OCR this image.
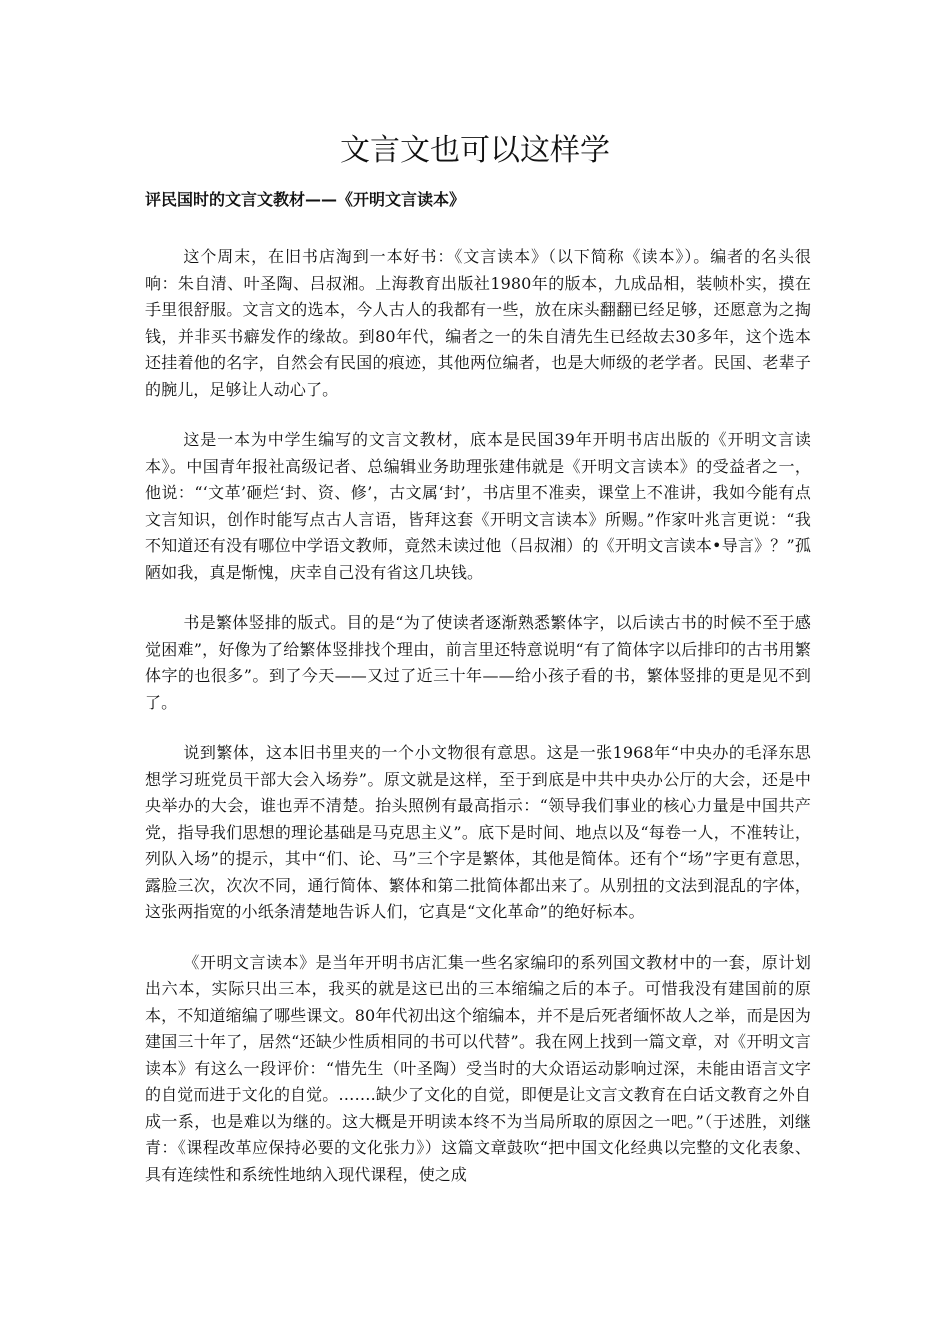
文言文也可以这样学
评民国时的文言文教材——《开明文言读本》

这个周末，在旧书店淘到一本好书：《文言读本》（以下简称《读本》）。编者的名头很响：朱自清、叶圣陶、吕叔湘。上海教育出版社1980年的版本，九成品相，装帧朴实，摸在手里很舒服。文言文的选本，今人古人的我都有一些，放在床头翻翻已经足够，还愿意为之掏钱，并非买书癖发作的缘故。到80年代，编者之一的朱自清先生已经故去30多年，这个选本还挂着他的名字，自然会有民国的痕迹，其他两位编者，也是大师级的老学者。民国、老辈子的腕儿，足够让人动心了。

这是一本为中学生编写的文言文教材，底本是民国39年开明书店出版的《开明文言读本》。中国青年报社高级记者、总编辑业务助理张建伟就是《开明文言读本》的受益者之一，他说：“‘文革’砸烂‘封、资、修’，古文属‘封’，书店里不准卖，课堂上不准讲，我如今能有点文言知识，创作时能写点古人言语，皆拜这套《开明文言读本》所赐。”作家叶兆言更说：“我不知道还有没有哪位中学语文教师，竟然未读过他（吕叔湘）的《开明文言读本•导言》？”孤陋如我，真是惭愧，庆幸自己没有省这几块钱。

书是繁体竖排的版式。目的是“为了使读者逐渐熟悉繁体字，以后读古书的时候不至于感觉困难”，好像为了给繁体竖排找个理由，前言里还特意说明“有了简体字以后排印的古书用繁体字的也很多”。到了今天——又过了近三十年——给小孩子看的书，繁体竖排的更是见不到了。

说到繁体，这本旧书里夹的一个小文物很有意思。这是一张1968年“中央办的毛泽东思想学习班党员干部大会入场券”。原文就是这样，至于到底是中共中央办公厅的大会，还是中央举办的大会，谁也弄不清楚。抬头照例有最高指示：“领导我们事业的核心力量是中国共产党，指导我们思想的理论基础是马克思主义”。底下是时间、地点以及“每卷一人，不准转让，列队入场”的提示，其中“们、论、马”三个字是繁体，其他是简体。还有个“场”字更有意思，露脸三次，次次不同，通行简体、繁体和第二批简体都出来了。从别扭的文法到混乱的字体，这张两指宽的小纸条清楚地告诉人们，它真是“文化革命”的绝好标本。

《开明文言读本》是当年开明书店汇集一些名家编印的系列国文教材中的一套，原计划出六本，实际只出三本，我买的就是这已出的三本缩编之后的本子。可惜我没有建国前的原本，不知道缩编了哪些课文。80年代初出这个缩编本，并不是后死者缅怀故人之举，而是因为建国三十年了，居然“还缺少性质相同的书可以代替”。我在网上找到一篇文章，对《开明文言读本》有这么一段评价：“惜先生（叶圣陶）受当时的大众语运动影响过深，未能由语言文字的自觉而进于文化的自觉。…….缺少了文化的自觉，即便是让文言文教育在白话文教育之外自成一系，也是难以为继的。这大概是开明读本终不为当局所取的原因之一吧。”（于述胜，刘继青：《课程改革应保持必要的文化张力》）这篇文章鼓吹“把中国文化经典以完整的文化表象、具有连续性和系统性地纳入现代课程，使之成
